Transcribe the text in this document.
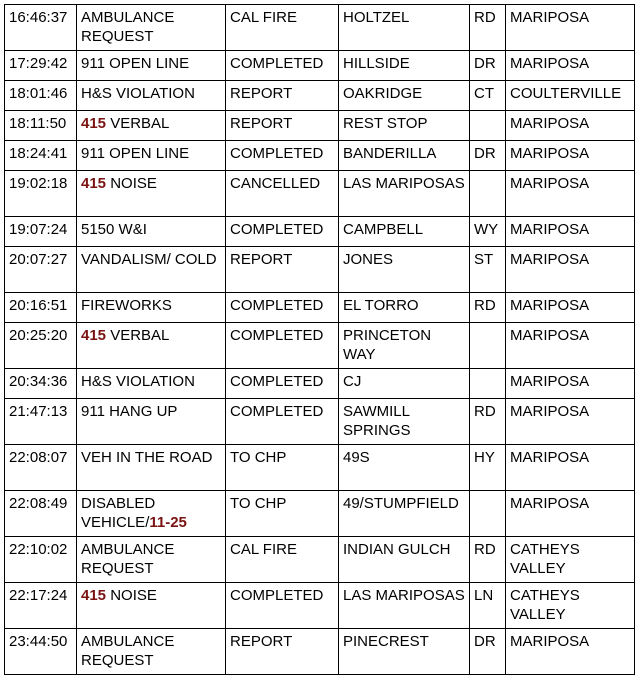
16:46:37	AMBULANCE REQUEST	CAL FIRE	HOLTZEL	RD	MARIPOSA
17:29:42	911 OPEN LINE	COMPLETED	HILLSIDE	DR	MARIPOSA
18:01:46	H&S VIOLATION	REPORT	OAKRIDGE	CT	COULTERVILLE
18:11:50	415 VERBAL	REPORT	REST STOP		MARIPOSA
18:24:41	911 OPEN LINE	COMPLETED	BANDERILLA	DR	MARIPOSA
19:02:18	415 NOISE	CANCELLED	LAS MARIPOSAS		MARIPOSA
19:07:24	5150 W&I	COMPLETED	CAMPBELL	WY	MARIPOSA
20:07:27	VANDALISM/ COLD	REPORT	JONES	ST	MARIPOSA
20:16:51	FIREWORKS	COMPLETED	EL TORRO	RD	MARIPOSA
20:25:20	415 VERBAL	COMPLETED	PRINCETON WAY		MARIPOSA
20:34:36	H&S VIOLATION	COMPLETED	CJ		MARIPOSA
21:47:13	911 HANG UP	COMPLETED	SAWMILL SPRINGS	RD	MARIPOSA
22:08:07	VEH IN THE ROAD	TO CHP	49S	HY	MARIPOSA
22:08:49	DISABLED VEHICLE/11-25	TO CHP	49/STUMPFIELD		MARIPOSA
22:10:02	AMBULANCE REQUEST	CAL FIRE	INDIAN GULCH	RD	CATHEYS VALLEY
22:17:24	415 NOISE	COMPLETED	LAS MARIPOSAS	LN	CATHEYS VALLEY
23:44:50	AMBULANCE REQUEST	REPORT	PINECREST	DR	MARIPOSA
